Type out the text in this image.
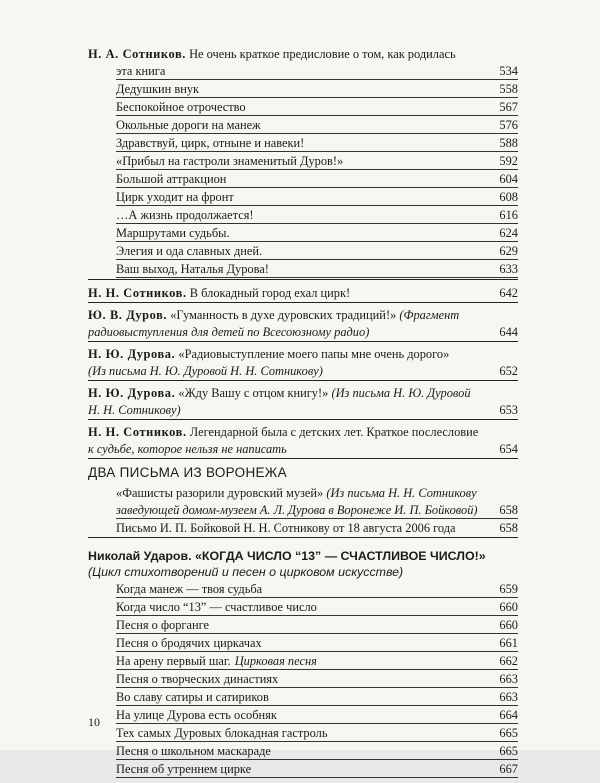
Н. А. Сотников. Не очень краткое предисловие о том, как родилась
эта книга	534
Дедушкин внук	558
Беспокойное отрочество	567
Окольные дороги на манеж	576
Здравствуй, цирк, отныне и навеки!	588
«Прибыл на гастроли знаменитый Дуров!»	592
Большой аттракцион	604
Цирк уходит на фронт	608
…А жизнь продолжается!	616
Маршрутами судьбы.	624
Элегия и ода славных дней.	629
Ваш выход, Наталья Дурова!	633
Н. Н. Сотников. В блокадный город ехал цирк!	642
Ю. В. Дуров. «Гуманность в духе дуровских традиций!» (Фрагмент
радиовыступления для детей по Всесоюзному радио)	644
Н. Ю. Дурова. «Радиовыступление моего папы мне очень дорого»
(Из письма Н. Ю. Дуровой Н. Н. Сотникову)	652
Н. Ю. Дурова. «Жду Вашу с отцом книгу!» (Из письма Н. Ю. Дуровой
Н. Н. Сотникову)	653
Н. Н. Сотников. Легендарной была с детских лет. Краткое послесловие
к судьбе, которое нельзя не написать	654
ДВА ПИСЬМА ИЗ ВОРОНЕЖА
«Фашисты разорили дуровский музей» (Из письма Н. Н. Сотникову
заведующей домом-музеем А. Л. Дурова в Воронеже И. П. Бойковой)	658
Письмо И. П. Бойковой Н. Н. Сотникову от 18 августа 2006 года	658
Николай Ударов. «КОГДА ЧИСЛО “13” — СЧАСТЛИВОЕ ЧИСЛО!»
(Цикл стихотворений и песен о цирковом искусстве)
Когда манеж — твоя судьба	659
Когда число “13” — счастливое число	660
Песня о форганге	660
Песня о бродячих циркачах	661
На арену первый шаг. Цирковая песня	662
Песня о творческих династиях	663
Во славу сатиры и сатириков	663
На улице Дурова есть особняк	664
Тех самых Дуровых блокадная гастроль	665
Песня о школьном маскараде	665
Песня об утреннем цирке	667
10
